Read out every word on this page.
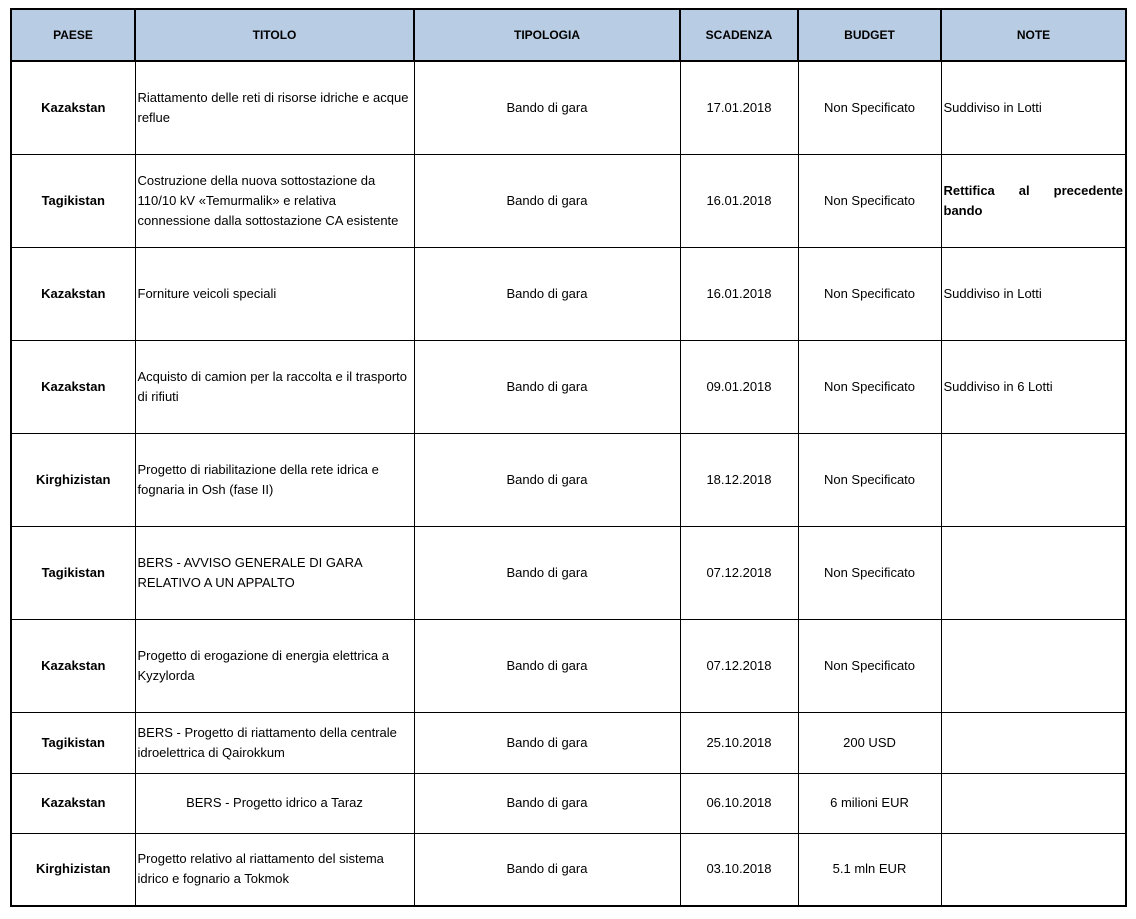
PAESE	TITOLO	TIPOLOGIA	SCADENZA	BUDGET	NOTE
Kazakstan	Riattamento delle reti di risorse idriche e acque reflue	Bando di gara	17.01.2018	Non Specificato	Suddiviso in Lotti
Tagikistan	Costruzione della nuova sottostazione da 110/10 kV «Temurmalik» e relativa connessione dalla sottostazione CA esistente	Bando di gara	16.01.2018	Non Specificato	Rettifica al precedente bando
Kazakstan	Forniture veicoli speciali	Bando di gara	16.01.2018	Non Specificato	Suddiviso in Lotti
Kazakstan	Acquisto di camion per la raccolta e il trasporto di rifiuti	Bando di gara	09.01.2018	Non Specificato	Suddiviso in 6 Lotti
Kirghizistan	Progetto di riabilitazione della rete idrica e fognaria in Osh (fase II)	Bando di gara	18.12.2018	Non Specificato	
Tagikistan	BERS - AVVISO GENERALE DI GARA RELATIVO A UN APPALTO	Bando di gara	07.12.2018	Non Specificato	
Kazakstan	Progetto di erogazione di energia elettrica a Kyzylorda	Bando di gara	07.12.2018	Non Specificato	
Tagikistan	BERS - Progetto di riattamento della centrale idroelettrica di Qairokkum	Bando di gara	25.10.2018	200 USD	
Kazakstan	BERS - Progetto idrico a Taraz	Bando di gara	06.10.2018	6 milioni EUR	
Kirghizistan	Progetto relativo al riattamento del sistema idrico e fognario a Tokmok	Bando di gara	03.10.2018	5.1 mln EUR	
